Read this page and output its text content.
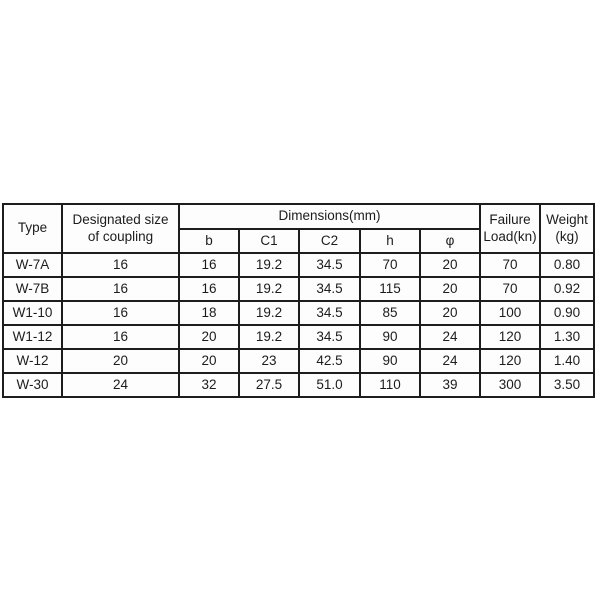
Type	Designated size of coupling	Dimensions(mm)					Failure Load(kn)	Weight (kg)
		b	C1	C2	h	φ		
W-7A	16	16	19.2	34.5	70	20	70	0.80
W-7B	16	16	19.2	34.5	115	20	70	0.92
W1-10	16	18	19.2	34.5	85	20	100	0.90
W1-12	16	20	19.2	34.5	90	24	120	1.30
W-12	20	20	23	42.5	90	24	120	1.40
W-30	24	32	27.5	51.0	110	39	300	3.50
